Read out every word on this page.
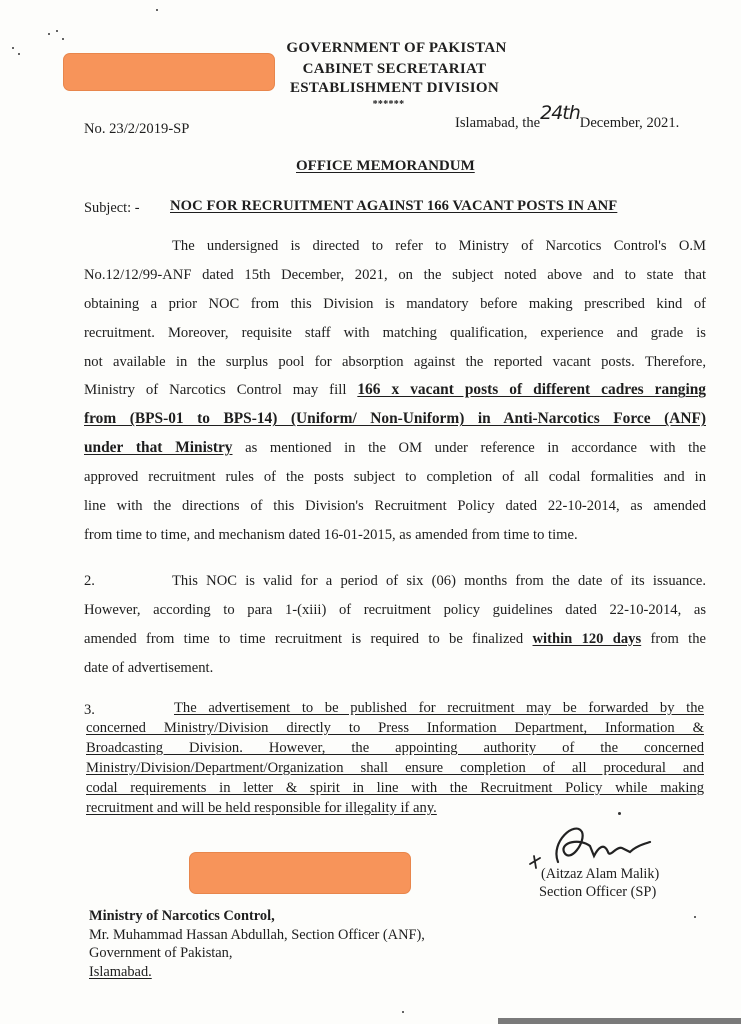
GOVERNMENT OF PAKISTAN
CABINET SECRETARIAT
ESTABLISHMENT DIVISION
******
No. 23/2/2019-SP	Islamabad, the24thDecember, 2021.
OFFICE MEMORANDUM
Subject: - NOC FOR RECRUITMENT AGAINST 166 VACANT POSTS IN ANF
The undersigned is directed to refer to Ministry of Narcotics Control's O.M
No.12/12/99-ANF dated 15th December, 2021, on the subject noted above and to state that
obtaining a prior NOC from this Division is mandatory before making prescribed kind of
recruitment. Moreover, requisite staff with matching qualification, experience and grade is
not available in the surplus pool for absorption against the reported vacant posts. Therefore,
Ministry of Narcotics Control may fill 166 x vacant posts of different cadres ranging
from (BPS-01 to BPS-14) (Uniform/ Non-Uniform) in Anti-Narcotics Force (ANF)
under that Ministry as mentioned in the OM under reference in accordance with the
approved recruitment rules of the posts subject to completion of all codal formalities and in
line with the directions of this Division's Recruitment Policy dated 22-10-2014, as amended
from time to time, and mechanism dated 16-01-2015, as amended from time to time.
2.	This NOC is valid for a period of six (06) months from the date of its issuance.
However, according to para 1-(xiii) of recruitment policy guidelines dated 22-10-2014, as
amended from time to time recruitment is required to be finalized within 120 days from the
date of advertisement.
3.	The advertisement to be published for recruitment may be forwarded by the
concerned Ministry/Division directly to Press Information Department, Information &
Broadcasting Division. However, the appointing authority of the concerned
Ministry/Division/Department/Organization shall ensure completion of all procedural and
codal requirements in letter & spirit in line with the Recruitment Policy while making
recruitment and will be held responsible for illegality if any.
(Aitzaz Alam Malik)
Section Officer (SP)
Ministry of Narcotics Control,
Mr. Muhammad Hassan Abdullah, Section Officer (ANF),
Government of Pakistan,
Islamabad.
